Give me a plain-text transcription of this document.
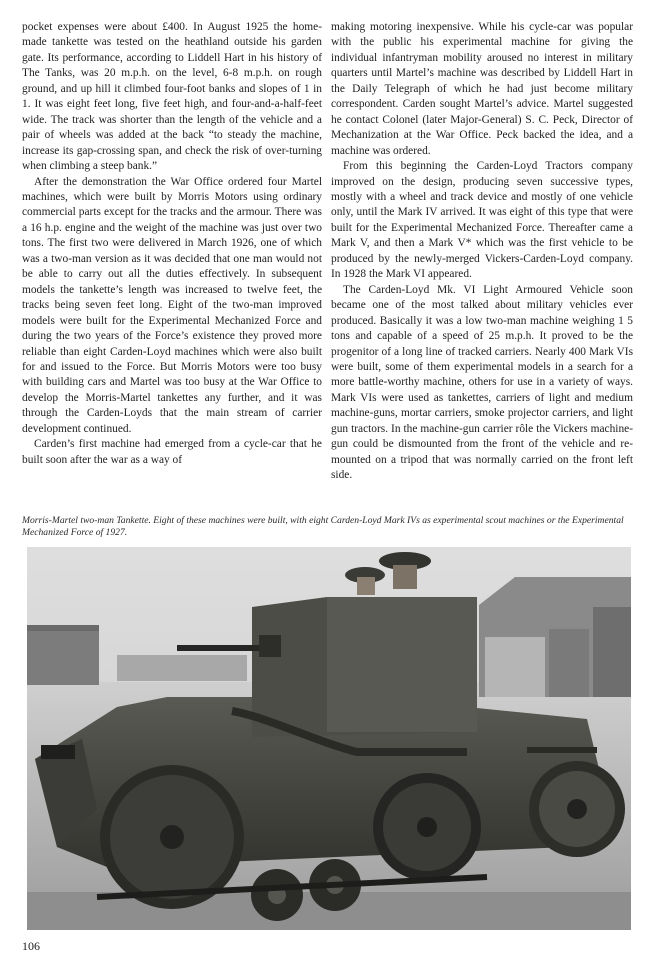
pocket expenses were about £400. In August 1925 the home-made tankette was tested on the heathland outside his garden gate. Its performance, according to Liddell Hart in his history of The Tanks, was 20 m.p.h. on the level, 6-8 m.p.h. on rough ground, and up hill it climbed four-foot banks and slopes of 1 in 1. It was eight feet long, five feet high, and four-and-a-half-feet wide. The track was shorter than the length of the vehicle and a pair of wheels was added at the back “to steady the machine, increase its gap-crossing span, and check the risk of over-turning when climbing a steep bank.”

After the demonstration the War Office ordered four Martel machines, which were built by Morris Motors using ordinary commercial parts except for the tracks and the armour. There was a 16 h.p. engine and the weight of the machine was just over two tons. The first two were delivered in March 1926, one of which was a two-man version as it was decided that one man would not be able to carry out all the duties effectively. In subsequent models the tankette’s length was increased to twelve feet, the tracks being seven feet long. Eight of the two-man improved models were built for the Experimental Mechanized Force and during the two years of the Force’s existence they proved more reliable than eight Carden-Loyd machines which were also built for and issued to the Force. But Morris Motors were too busy with building cars and Martel was too busy at the War Office to develop the Morris-Martel tankettes any further, and it was through the Carden-Loyds that the main stream of carrier development continued.

Carden’s first machine had emerged from a cycle-car that he built soon after the war as a way of

making motoring inexpensive. While his cycle-car was popular with the public his experimental machine for giving the individual infantryman mobility aroused no interest in military quarters until Martel’s machine was described by Liddell Hart in the Daily Telegraph of which he had just become military correspondent. Carden sought Martel’s advice. Martel suggested he contact Colonel (later Major-General) S. C. Peck, Director of Mechanization at the War Office. Peck backed the idea, and a machine was ordered.

From this beginning the Carden-Loyd Tractors company improved on the design, producing seven successive types, mostly with a wheel and track device and mostly of one vehicle only, until the Mark IV arrived. It was eight of this type that were built for the Experimental Mechanized Force. Thereafter came a Mark V, and then a Mark V* which was the first vehicle to be produced by the newly-merged Vickers-Carden-Loyd company. In 1928 the Mark VI appeared.

The Carden-Loyd Mk. VI Light Armoured Vehicle soon became one of the most talked about military vehicles ever produced. Basically it was a low two-man machine weighing 1 5 tons and capable of a speed of 25 m.p.h. It proved to be the progenitor of a long line of tracked carriers. Nearly 400 Mark VIs were built, some of them experimental models in a search for a more battle-worthy machine, others for use in a variety of ways. Mark VIs were used as tankettes, carriers of light and medium machine-guns, mortar carriers, smoke projector carriers, and light gun tractors. In the machine-gun carrier rôle the Vickers machine-gun could be dismounted from the front of the vehicle and re-mounted on a tripod that was normally carried on the front left side.

Morris-Martel two-man Tankette. Eight of these machines were built, with eight Carden-Loyd Mark IVs as experimental scout machines or the Experimental Mechanized Force of 1927.
106
